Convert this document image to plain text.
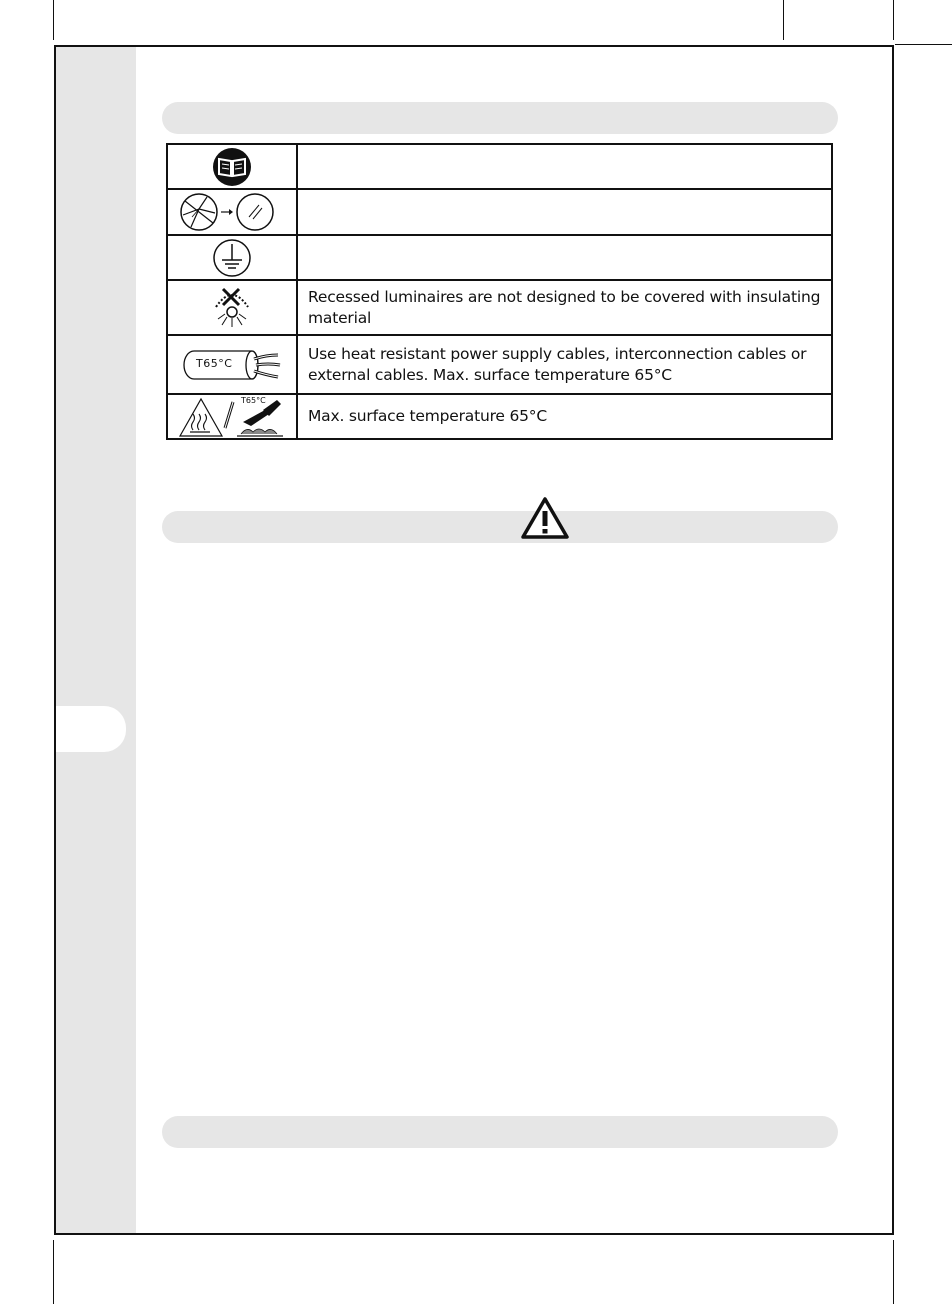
	Recessed luminaires are not designed to be covered with insulating material

T65°C	Use heat resistant power supply cables, interconnection cables or external cables. Max. surface temperature 65°C

T65°C	Max. surface temperature 65°C
